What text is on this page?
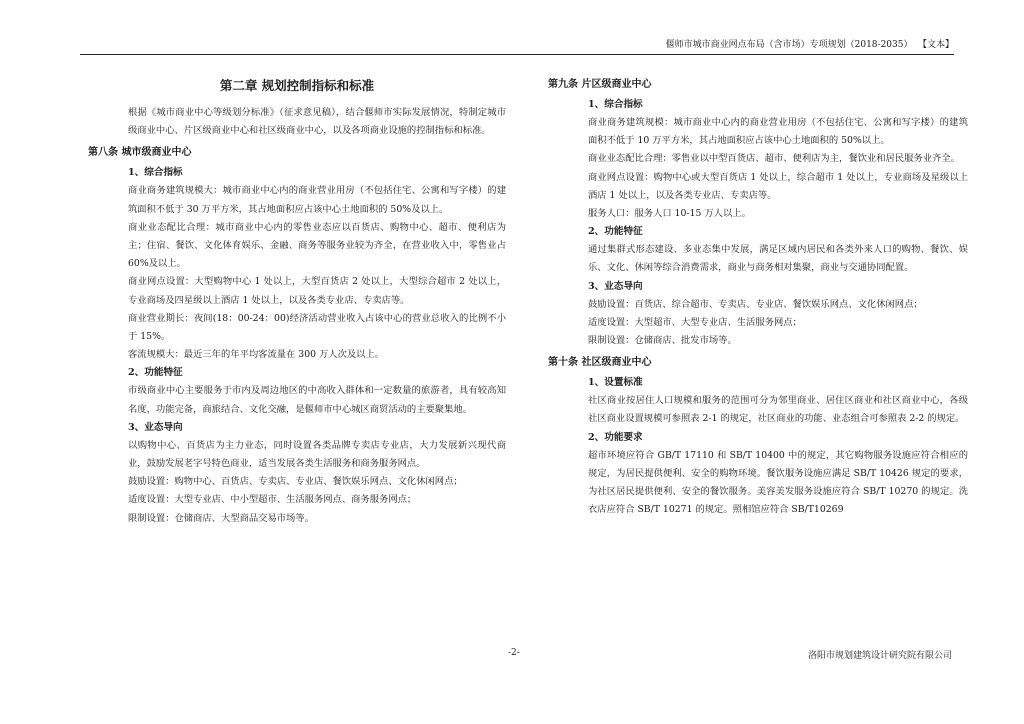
偃师市城市商业网点布局（含市场）专项规划（2018-2035） 【文本】
第二章 规划控制指标和标准

根据《城市商业中心等级划分标准》（征求意见稿），结合偃师市实际发展情况，特制定城市级商业中心、片区级商业中心和社区级商业中心，以及各项商业设施的控制指标和标准。

第八条 城市级商业中心
1、综合指标

商业商务建筑规模大：城市商业中心内的商业营业用房（不包括住宅、公寓和写字楼）的建筑面积不低于 30 万平方米，其占地面积应占该中心土地面积的 50%及以上。

商业业态配比合理：城市商业中心内的零售业态应以百货店、购物中心、超市、便利店为主；住宿、餐饮、文化体育娱乐、金融、商务等服务业较为齐全，在营业收入中，零售业占 60%及以上。

商业网点设置：大型购物中心 1 处以上，大型百货店 2 处以上，大型综合超市 2 处以上，专业商场及四星级以上酒店 1 处以上，以及各类专业店、专卖店等。

商业营业期长：夜间(18：00-24：00)经济活动营业收入占该中心的营业总收入的比例不小于 15%。

客流规模大：最近三年的年平均客流量在 300 万人次及以上。

2、功能特征

市级商业中心主要服务于市内及周边地区的中高收入群体和一定数量的旅游者，具有较高知名度，功能完备，商旅结合、文化交融，是偃师市中心城区商贸活动的主要聚集地。

3、业态导向

以购物中心、百货店为主力业态，同时设置各类品牌专卖店专业店，大力发展新兴现代商业，鼓励发展老字号特色商业，适当发展各类生活服务和商务服务网点。

鼓励设置：购物中心、百货店、专卖店、专业店、餐饮娱乐网点、文化休闲网点；

适度设置：大型专业店、中小型超市、生活服务网点、商务服务网点；

限制设置：仓储商店、大型商品交易市场等。

第九条 片区级商业中心
1、综合指标

商业商务建筑规模：城市商业中心内的商业营业用房（不包括住宅、公寓和写字楼）的建筑面积不低于 10 万平方米，其占地面积应占该中心土地面积的 50%以上。

商业业态配比合理：零售业以中型百货店、超市、便利店为主，餐饮业和居民服务业齐全。

商业网点设置：购物中心或大型百货店 1 处以上，综合超市 1 处以上，专业商场及星级以上酒店 1 处以上，以及各类专业店、专卖店等。

服务人口：服务人口 10-15 万人以上。

2、功能特征

通过集群式形态建设、多业态集中发展，满足区域内居民和各类外来人口的购物、餐饮、娱乐、文化、休闲等综合消费需求，商业与商务相对集聚，商业与交通协同配置。

3、业态导向

鼓励设置：百货店、综合超市、专卖店、专业店、餐饮娱乐网点、文化休闲网点；

适度设置：大型超市、大型专业店、生活服务网点；

限制设置：仓储商店、批发市场等。

第十条 社区级商业中心
1、设置标准

社区商业按居住人口规模和服务的范围可分为邻里商业、居住区商业和社区商业中心，各级社区商业设置规模可参照表 2-1 的规定，社区商业的功能、业态组合可参照表 2-2 的规定。

2、功能要求

超市环境应符合 GB/T 17110 和 SB/T 10400 中的规定，其它购物服务设施应符合相应的规定，为居民提供便利、安全的购物环境。餐饮服务设施应满足 SB/T 10426 规定的要求，为社区居民提供便利、安全的餐饮服务。美容美发服务设施应符合 SB/T 10270 的规定。洗衣店应符合 SB/T 10271 的规定。照相馆应符合 SB/T10269

-2-	洛阳市规划建筑设计研究院有限公司
